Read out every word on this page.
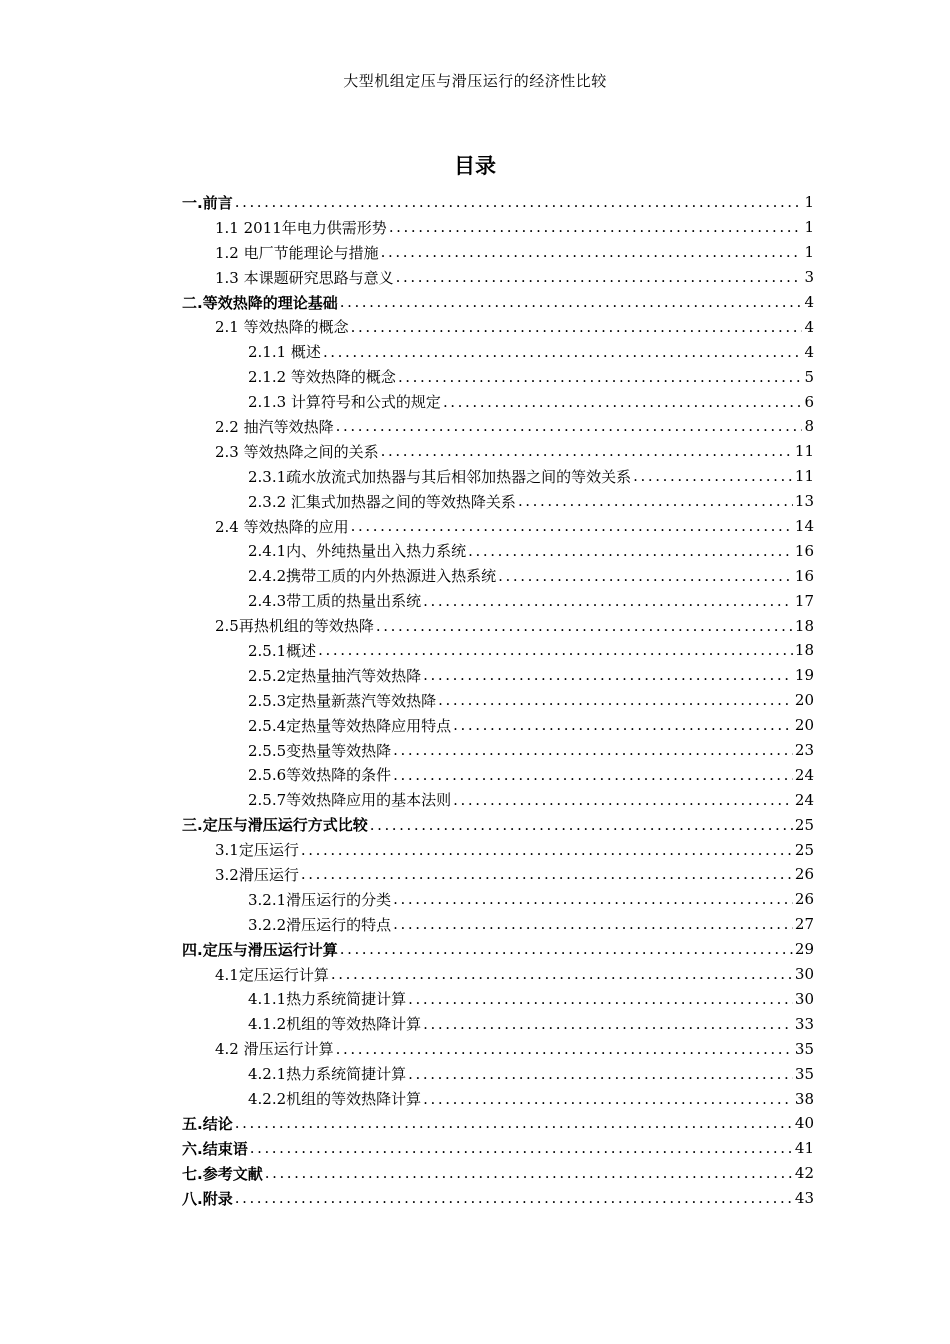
大型机组定压与滑压运行的经济性比较
目录
一.前言 .....	1
1.1 2011年电力供需形势 .....	1
1.2 电厂节能理论与措施 .....	1
1.3 本课题研究思路与意义 .....	3
二.等效热降的理论基础 .....	4
2.1 等效热降的概念 .....	4
2.1.1 概述 .....	4
2.1.2 等效热降的概念 .....	5
2.1.3 计算符号和公式的规定 .....	6
2.2 抽汽等效热降 .....	8
2.3 等效热降之间的关系 .....	11
2.3.1疏水放流式加热器与其后相邻加热器之间的等效关系 .....	11
2.3.2 汇集式加热器之间的等效热降关系 .....	13
2.4 等效热降的应用 .....	14
2.4.1内、外纯热量出入热力系统 .....	16
2.4.2携带工质的内外热源进入热系统 .....	16
2.4.3带工质的热量出系统 .....	17
2.5再热机组的等效热降 .....	18
2.5.1概述 .....	18
2.5.2定热量抽汽等效热降 .....	19
2.5.3定热量新蒸汽等效热降 .....	20
2.5.4定热量等效热降应用特点 .....	20
2.5.5变热量等效热降 .....	23
2.5.6等效热降的条件 .....	24
2.5.7等效热降应用的基本法则 .....	24
三.定压与滑压运行方式比较 .....	25
3.1定压运行 .....	25
3.2滑压运行 .....	26
3.2.1滑压运行的分类 .....	26
3.2.2滑压运行的特点 .....	27
四.定压与滑压运行计算 .....	29
4.1定压运行计算 .....	30
4.1.1热力系统简捷计算 .....	30
4.1.2机组的等效热降计算 .....	33
4.2 滑压运行计算 .....	35
4.2.1热力系统简捷计算 .....	35
4.2.2机组的等效热降计算 .....	38
五.结论 .....	40
六.结束语 .....	41
七.参考文献 .....	42
八.附录 .....	43
